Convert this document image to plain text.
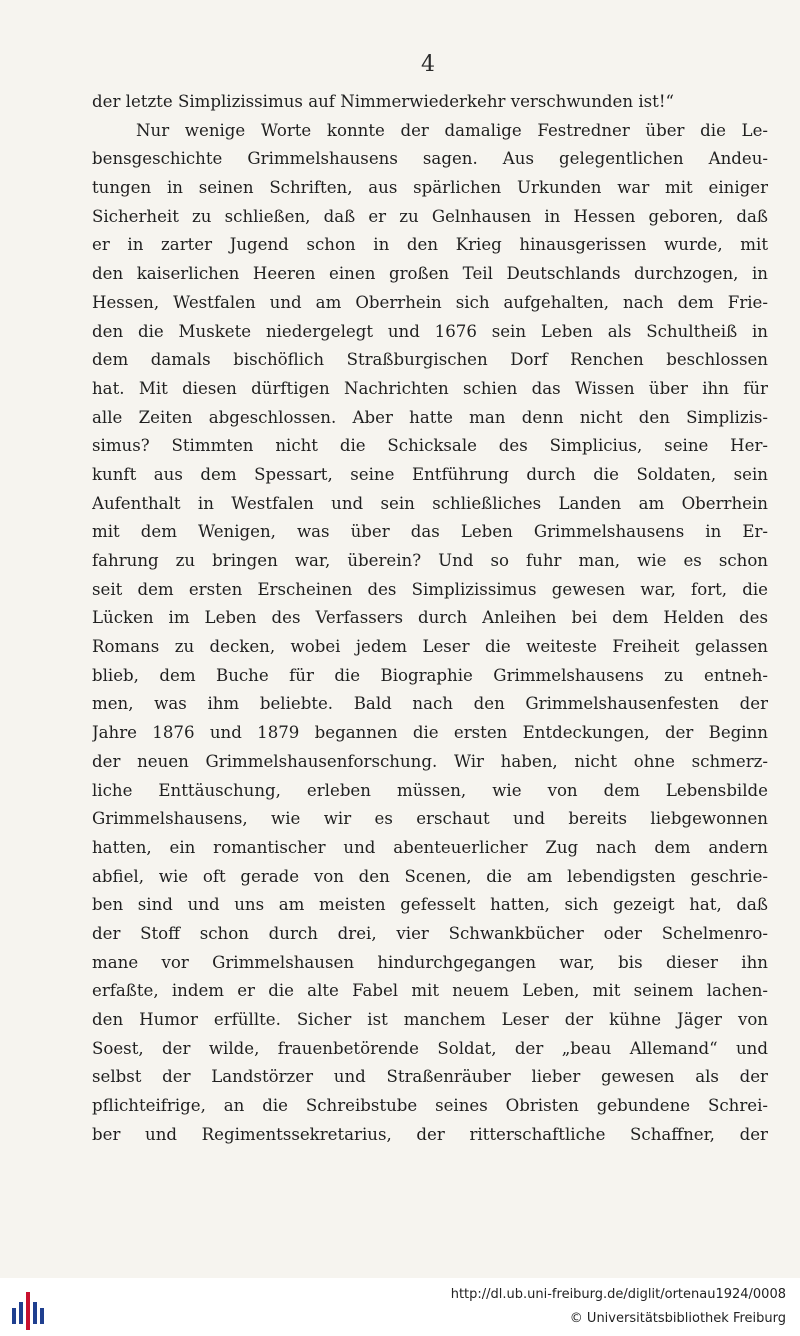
4
der letzte Simplizissimus auf Nimmerwiederkehr verschwunden ist!“
Nur wenige Worte konnte der damalige Festredner über die Le-
bensgeschichte Grimmelshausens sagen. Aus gelegentlichen Andeu-
tungen in seinen Schriften, aus spärlichen Urkunden war mit einiger
Sicherheit zu schließen, daß er zu Gelnhausen in Hessen geboren, daß
er in zarter Jugend schon in den Krieg hinausgerissen wurde, mit
den kaiserlichen Heeren einen großen Teil Deutschlands durchzogen, in
Hessen, Westfalen und am Oberrhein sich aufgehalten, nach dem Frie-
den die Muskete niedergelegt und 1676 sein Leben als Schultheiß in
dem damals bischöflich Straßburgischen Dorf Renchen beschlossen
hat. Mit diesen dürftigen Nachrichten schien das Wissen über ihn für
alle Zeiten abgeschlossen. Aber hatte man denn nicht den Simplizis-
simus? Stimmten nicht die Schicksale des Simplicius, seine Her-
kunft aus dem Spessart, seine Entführung durch die Soldaten, sein
Aufenthalt in Westfalen und sein schließliches Landen am Oberrhein
mit dem Wenigen, was über das Leben Grimmelshausens in Er-
fahrung zu bringen war, überein? Und so fuhr man, wie es schon
seit dem ersten Erscheinen des Simplizissimus gewesen war, fort, die
Lücken im Leben des Verfassers durch Anleihen bei dem Helden des
Romans zu decken, wobei jedem Leser die weiteste Freiheit gelassen
blieb, dem Buche für die Biographie Grimmelshausens zu entneh-
men, was ihm beliebte. Bald nach den Grimmelshausenfesten der
Jahre 1876 und 1879 begannen die ersten Entdeckungen, der Beginn
der neuen Grimmelshausenforschung. Wir haben, nicht ohne schmerz-
liche Enttäuschung, erleben müssen, wie von dem Lebensbilde
Grimmelshausens, wie wir es erschaut und bereits liebgewonnen
hatten, ein romantischer und abenteuerlicher Zug nach dem andern
abfiel, wie oft gerade von den Scenen, die am lebendigsten geschrie-
ben sind und uns am meisten gefesselt hatten, sich gezeigt hat, daß
der Stoff schon durch drei, vier Schwankbücher oder Schelmenro-
mane vor Grimmelshausen hindurchgegangen war, bis dieser ihn
erfaßte, indem er die alte Fabel mit neuem Leben, mit seinem lachen-
den Humor erfüllte. Sicher ist manchem Leser der kühne Jäger von
Soest, der wilde, frauenbetörende Soldat, der „beau Allemand“ und
selbst der Landstörzer und Straßenräuber lieber gewesen als der
pflichteifrige, an die Schreibstube seines Obristen gebundene Schrei-
ber und Regimentssekretarius, der ritterschaftliche Schaffner, der
http://dl.ub.uni-freiburg.de/diglit/ortenau1924/0008
© Universitätsbibliothek Freiburg
